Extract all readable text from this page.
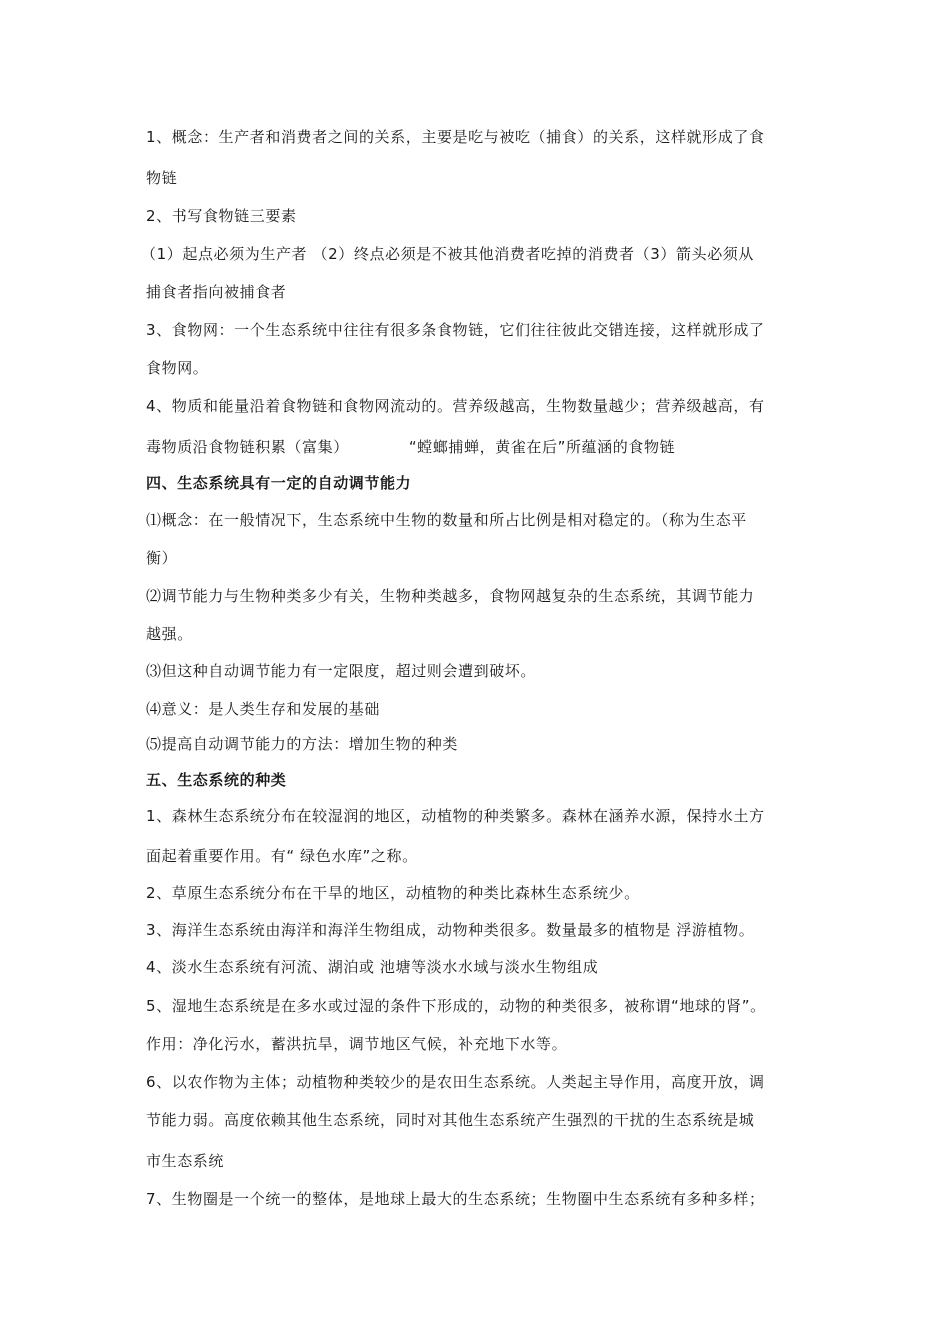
1、概念：生产者和消费者之间的关系，主要是吃与被吃（捕食）的关系，这样就形成了食
物链
2、书写食物链三要素
（1）起点必须为生产者 （2）终点必须是不被其他消费者吃掉的消费者（3）箭头必须从
捕食者指向被捕食者
3、食物网：一个生态系统中往往有很多条食物链，它们往往彼此交错连接，这样就形成了
食物网。
4、物质和能量沿着食物链和食物网流动的。营养级越高，生物数量越少；营养级越高，有
毒物质沿食物链积累（富集）	“螳螂捕蝉，黄雀在后”所蕴涵的食物链
四、生态系统具有一定的自动调节能力
⑴概念：在一般情况下，生态系统中生物的数量和所占比例是相对稳定的。（称为生态平
衡）
⑵调节能力与生物种类多少有关，生物种类越多，食物网越复杂的生态系统，其调节能力
越强。
⑶但这种自动调节能力有一定限度，超过则会遭到破坏。
⑷意义：是人类生存和发展的基础
⑸提高自动调节能力的方法：增加生物的种类
五、生态系统的种类
1、森林生态系统分布在较湿润的地区，动植物的种类繁多。森林在涵养水源，保持水土方
面起着重要作用。有“ 绿色水库”之称。
2、草原生态系统分布在干旱的地区，动植物的种类比森林生态系统少。
3、海洋生态系统由海洋和海洋生物组成，动物种类很多。数量最多的植物是 浮游植物。
4、淡水生态系统有河流、湖泊或 池塘等淡水水域与淡水生物组成
5、湿地生态系统是在多水或过湿的条件下形成的，动物的种类很多，被称谓“地球的肾”。
作用：净化污水，蓄洪抗旱，调节地区气候，补充地下水等。
6、以农作物为主体；动植物种类较少的是农田生态系统。人类起主导作用，高度开放，调
节能力弱。高度依赖其他生态系统，同时对其他生态系统产生强烈的干扰的生态系统是城
市生态系统
7、生物圈是一个统一的整体，是地球上最大的生态系统；生物圈中生态系统有多种多样；
